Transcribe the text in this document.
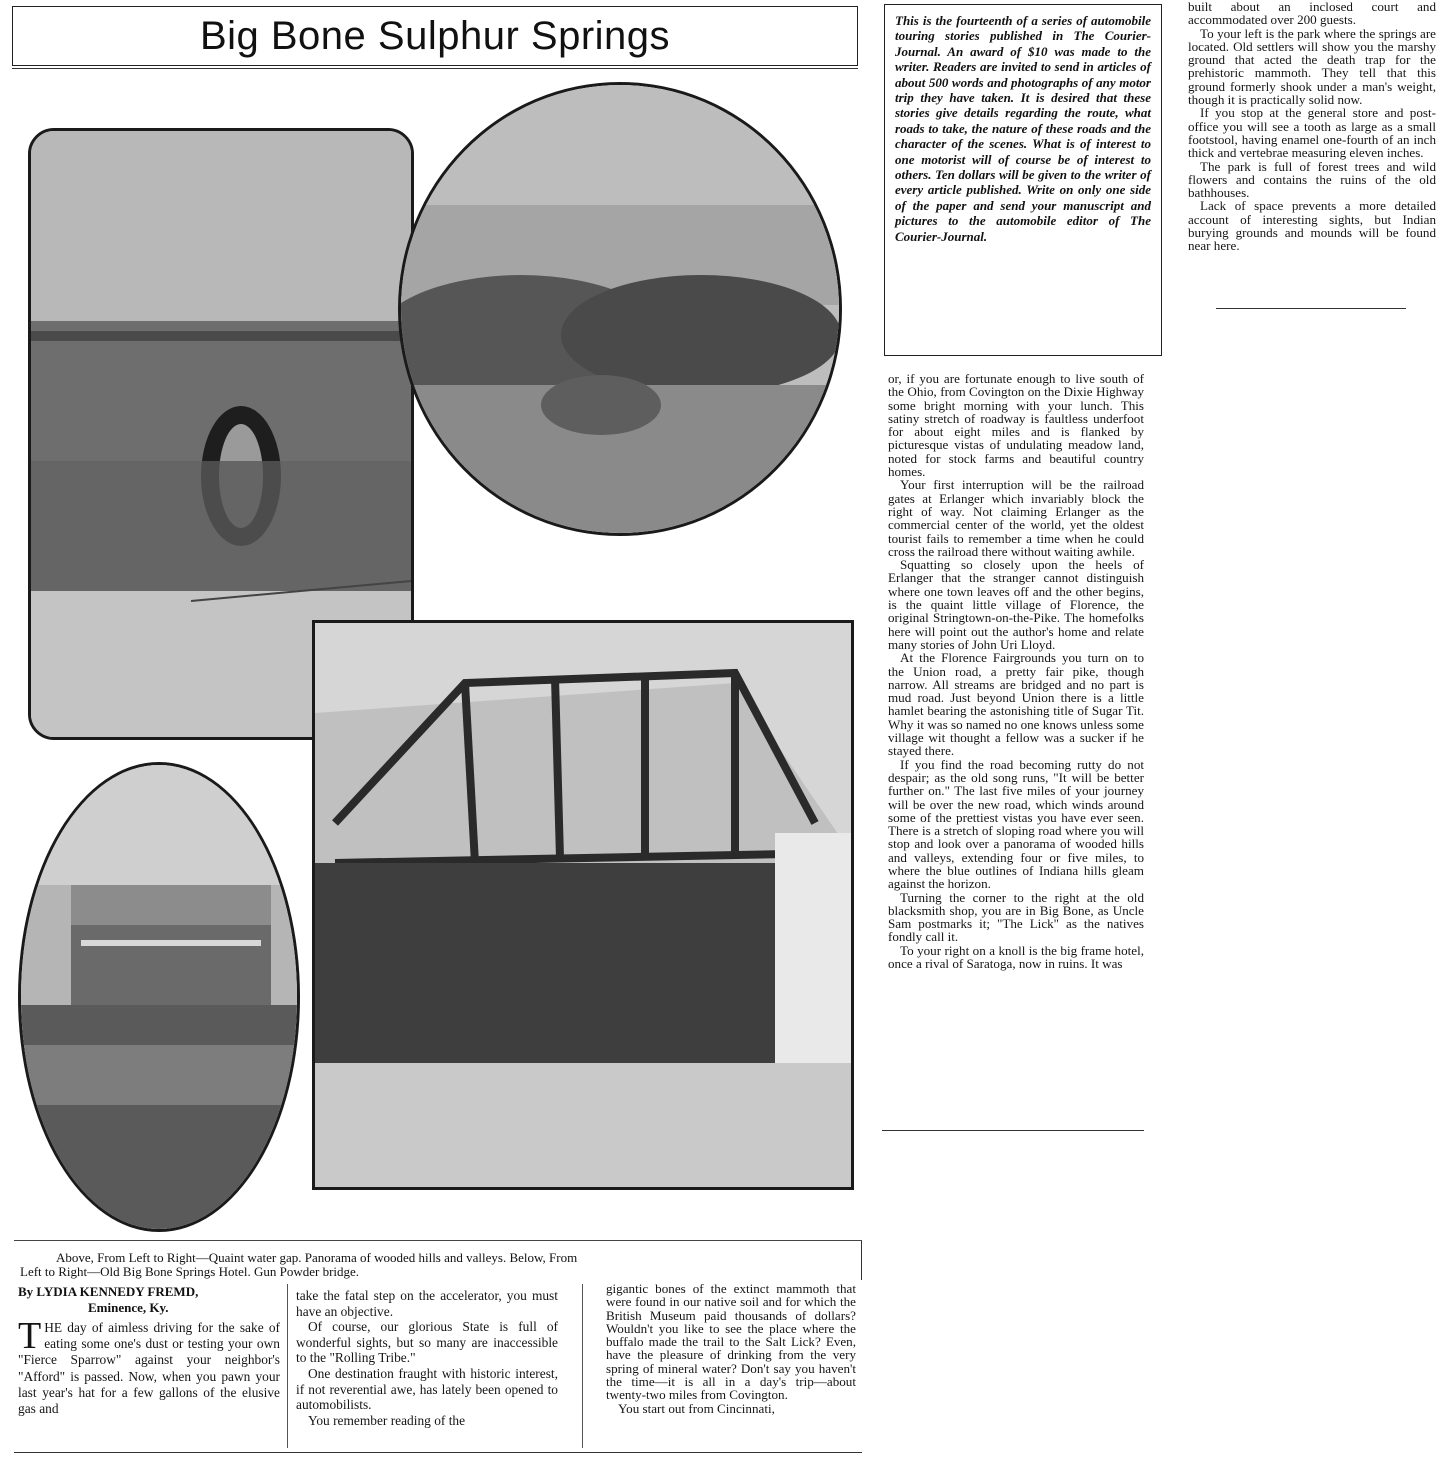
Big Bone Sulphur Springs	This is the fourteenth of a series of automobile touring stories published in The Courier-Journal. An award of $10 was made to the writer. Readers are invited to send in articles of about 500 words and photographs of any motor trip they have taken. It is desired that these stories give details regarding the route, what roads to take, the nature of these roads and the character of the scenes. What is of interest to one motorist will of course be of interest to others. Ten dollars will be given to the writer of every article published. Write on only one side of the paper and send your manuscript and pictures to the automobile editor of The Courier-Journal.

or, if you are fortunate enough to live south of the Ohio, from Covington on the Dixie Highway some bright morning with your lunch. This satiny stretch of roadway is faultless underfoot for about eight miles and is flanked by picturesque vistas of undulating meadow land, noted for stock farms and beautiful country homes.

Your first interruption will be the railroad gates at Erlanger which invariably block the right of way. Not claiming Erlanger as the commercial center of the world, yet the oldest tourist fails to remember a time when he could cross the railroad there without waiting awhile.

Squatting so closely upon the heels of Erlanger that the stranger cannot distinguish where one town leaves off and the other begins, is the quaint little village of Florence, the original Stringtown-on-the-Pike. The homefolks here will point out the author's home and relate many stories of John Uri Lloyd.

At the Florence Fairgrounds you turn on to the Union road, a pretty fair pike, though narrow. All streams are bridged and no part is mud road. Just beyond Union there is a little hamlet bearing the astonishing title of Sugar Tit. Why it was so named no one knows unless some village wit thought a fellow was a sucker if he stayed there.

If you find the road becoming rutty do not despair; as the old song runs, "It will be better further on." The last five miles of your journey will be over the new road, which winds around some of the prettiest vistas you have ever seen. There is a stretch of sloping road where you will stop and look over a panorama of wooded hills and valleys, extending four or five miles, to where the blue outlines of Indiana hills gleam against the horizon.

Turning the corner to the right at the old blacksmith shop, you are in Big Bone, as Uncle Sam postmarks it; "The Lick" as the natives fondly call it.

To your right on a knoll is the big frame hotel, once a rival of Saratoga, now in ruins. It was

built about an inclosed court and accommodated over 200 guests.

To your left is the park where the springs are located. Old settlers will show you the marshy ground that acted the death trap for the prehistoric mammoth. They tell that this ground formerly shook under a man's weight, though it is practically solid now.

If you stop at the general store and post-office you will see a tooth as large as a small footstool, having enamel one-fourth of an inch thick and vertebrae measuring eleven inches.

The park is full of forest trees and wild flowers and contains the ruins of the old bathhouses.

Lack of space prevents a more detailed account of interesting sights, but Indian burying grounds and mounds will be found near here.

Above, From Left to Right—Quaint water gap. Panorama of wooded hills and valleys. Below, From
Left to Right—Old Big Bone Springs Hotel. Gun Powder bridge.
By LYDIA KENNEDY FREMD,
Eminence, Ky.
T HE day of aimless driving for the sake of eating some one's dust or testing your own "Fierce Sparrow" against your neighbor's "Afford" is passed. Now, when you pawn your last year's hat for a few gallons of the elusive gas and

take the fatal step on the accelerator, you must have an objective.

Of course, our glorious State is full of wonderful sights, but so many are inaccessible to the "Rolling Tribe."

One destination fraught with historic interest, if not reverential awe, has lately been opened to automobilists.

You remember reading of the

gigantic bones of the extinct mammoth that were found in our native soil and for which the British Museum paid thousands of dollars? Wouldn't you like to see the place where the buffalo made the trail to the Salt Lick? Even, have the pleasure of drinking from the very spring of mineral water? Don't say you haven't the time—it is all in a day's trip—about twenty-two miles from Covington.

You start out from Cincinnati,
